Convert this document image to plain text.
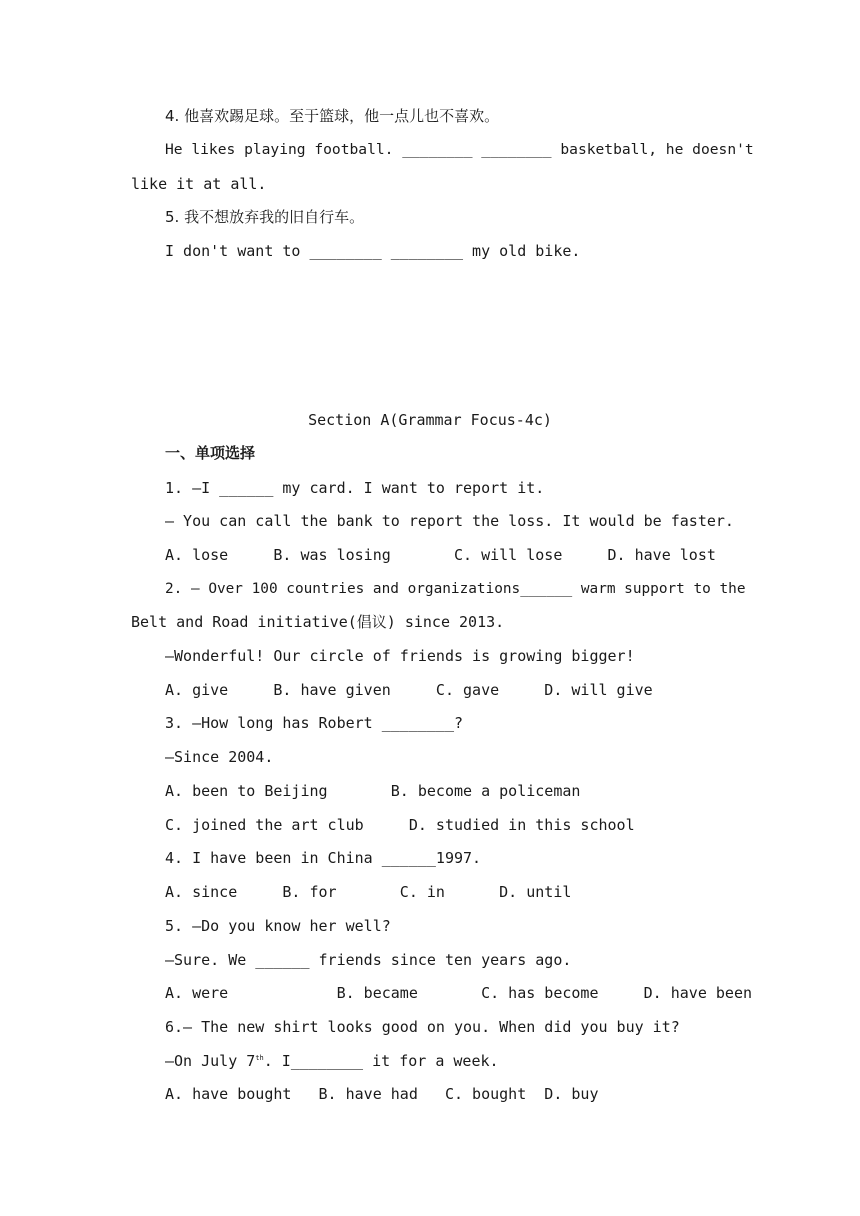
4. 他喜欢踢足球。至于篮球，他一点儿也不喜欢。
He likes playing football. ________ ________ basketball, he doesn't
like it at all.
5. 我不想放弃我的旧自行车。
I don't want to ________ ________ my old bike.
Section A(Grammar Focus-4c)
一、单项选择
1. —I ______ my card. I want to report it.
— You can call the bank to report the loss. It would be faster.
A. lose     B. was losing       C. will lose     D. have lost
2. — Over 100 countries and organizations______ warm support to the
Belt and Road initiative(倡议) since 2013.
—Wonderful! Our circle of friends is growing bigger!
A. give     B. have given     C. gave     D. will give
3. —How long has Robert ________?
—Since 2004.
A. been to Beijing       B. become a policeman
C. joined the art club     D. studied in this school
4. I have been in China ______1997.
A. since     B. for       C. in      D. until
5. —Do you know her well?
—Sure. We ______ friends since ten years ago.
A. were            B. became       C. has become     D. have been
6.— The new shirt looks good on you. When did you buy it?
—On July 7th. I________ it for a week.
A. have bought   B. have had   C. bought  D. buy
